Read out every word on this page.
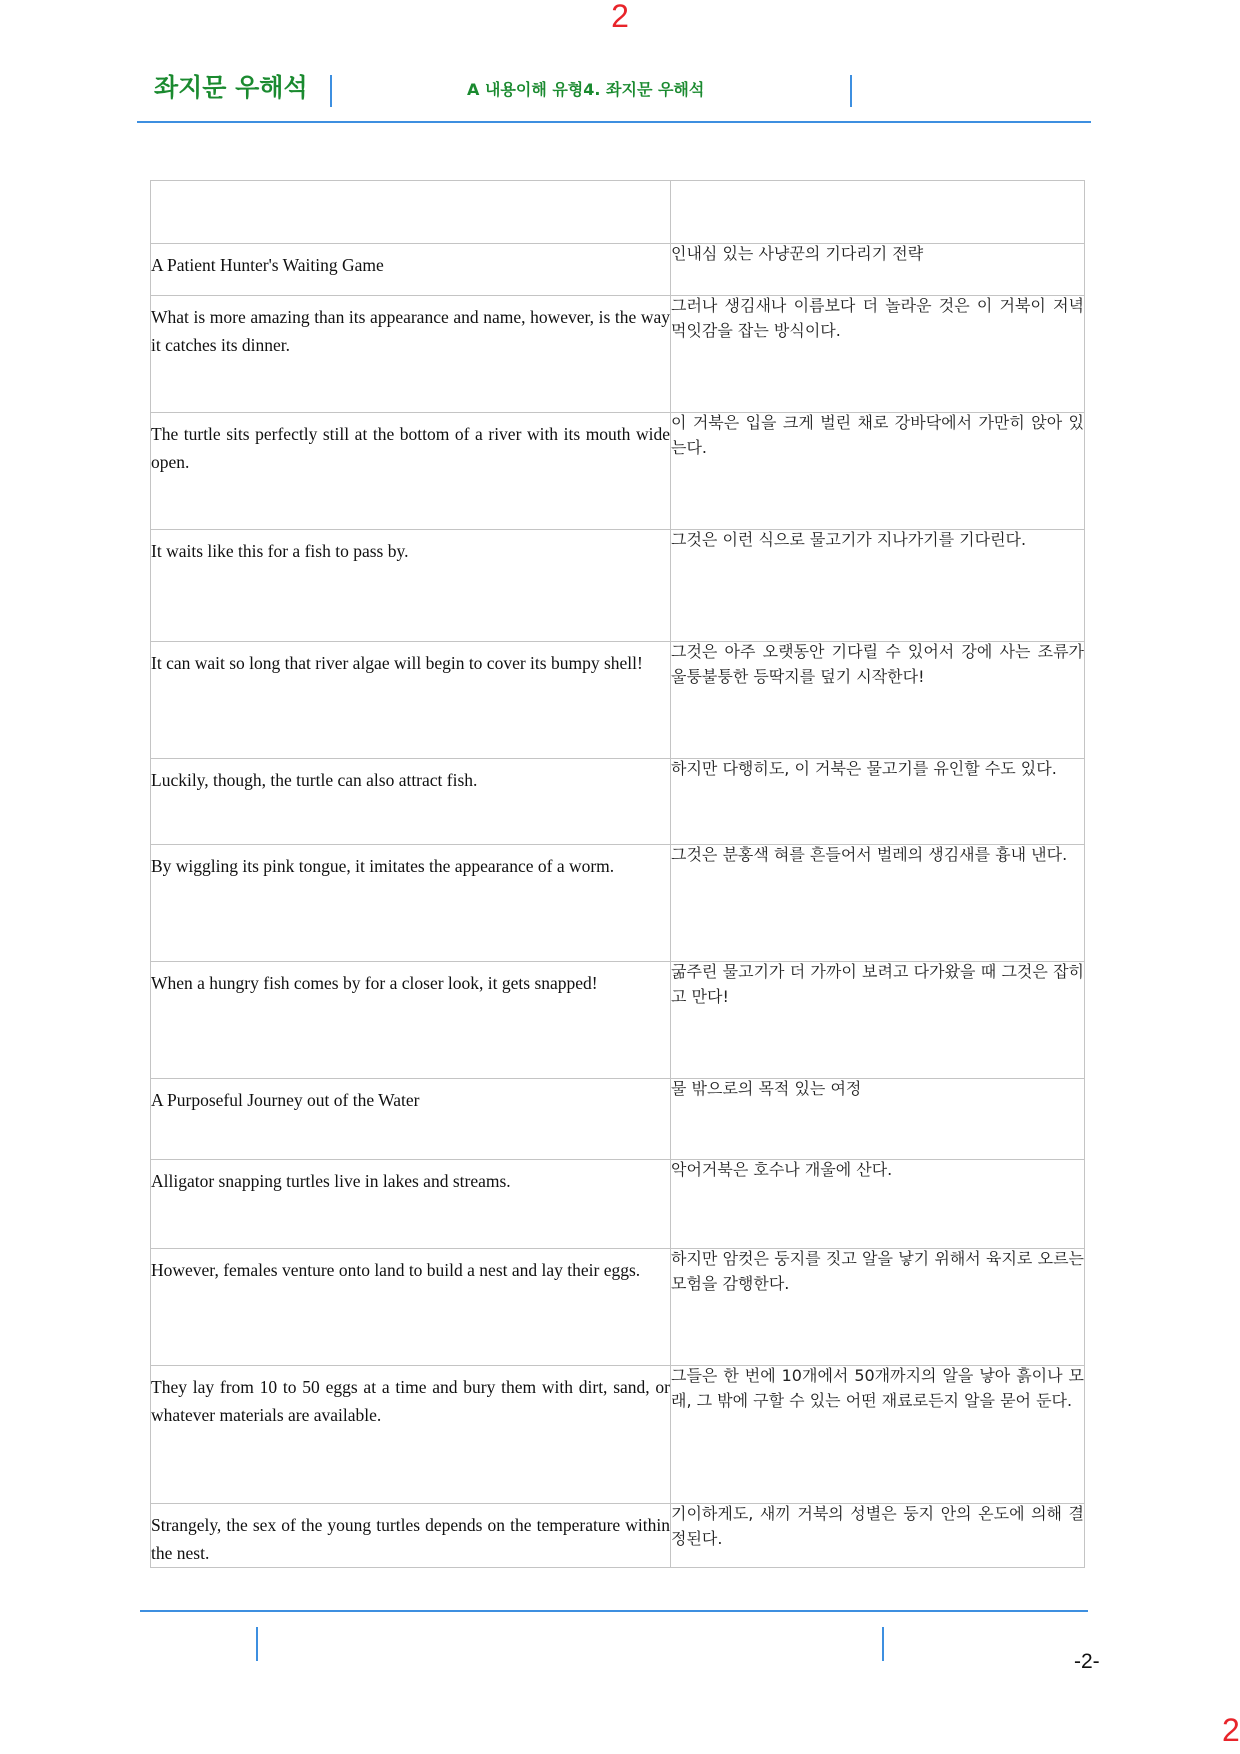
2
좌지문 우해석	A 내용이해 유형4. 좌지문 우해석

A Patient Hunter's Waiting Game	인내심 있는 사냥꾼의 기다리기 전략

What is more amazing than its appearance and name, however, is the way it catches its dinner.	그러나 생김새나 이름보다 더 놀라운 것은 이 거북이 저녁 먹잇감을 잡는 방식이다.

The turtle sits perfectly still at the bottom of a river with its mouth wide open.	이 거북은 입을 크게 벌린 채로 강바닥에서 가만히 앉아 있는다.

It waits like this for a fish to pass by.	그것은 이런 식으로 물고기가 지나가기를 기다린다.

It can wait so long that river algae will begin to cover its bumpy shell!	그것은 아주 오랫동안 기다릴 수 있어서 강에 사는 조류가 울퉁불퉁한 등딱지를 덮기 시작한다!

Luckily, though, the turtle can also attract fish.	하지만 다행히도, 이 거북은 물고기를 유인할 수도 있다.

By wiggling its pink tongue, it imitates the appearance of a worm.	그것은 분홍색 혀를 흔들어서 벌레의 생김새를 흉내 낸다.

When a hungry fish comes by for a closer look, it gets snapped!	굶주린 물고기가 더 가까이 보려고 다가왔을 때 그것은 잡히고 만다!

A Purposeful Journey out of the Water	물 밖으로의 목적 있는 여정

Alligator snapping turtles live in lakes and streams.	악어거북은 호수나 개울에 산다.

However, females venture onto land to build a nest and lay their eggs.	하지만 암컷은 둥지를 짓고 알을 낳기 위해서 육지로 오르는 모험을 감행한다.

They lay from 10 to 50 eggs at a time and bury them with dirt, sand, or whatever materials are available.	그들은 한 번에 10개에서 50개까지의 알을 낳아 흙이나 모래, 그 밖에 구할 수 있는 어떤 재료로든지 알을 묻어 둔다.

Strangely, the sex of the young turtles depends on the temperature within the nest.	기이하게도, 새끼 거북의 성별은 둥지 안의 온도에 의해 결정된다.
-2-
2
